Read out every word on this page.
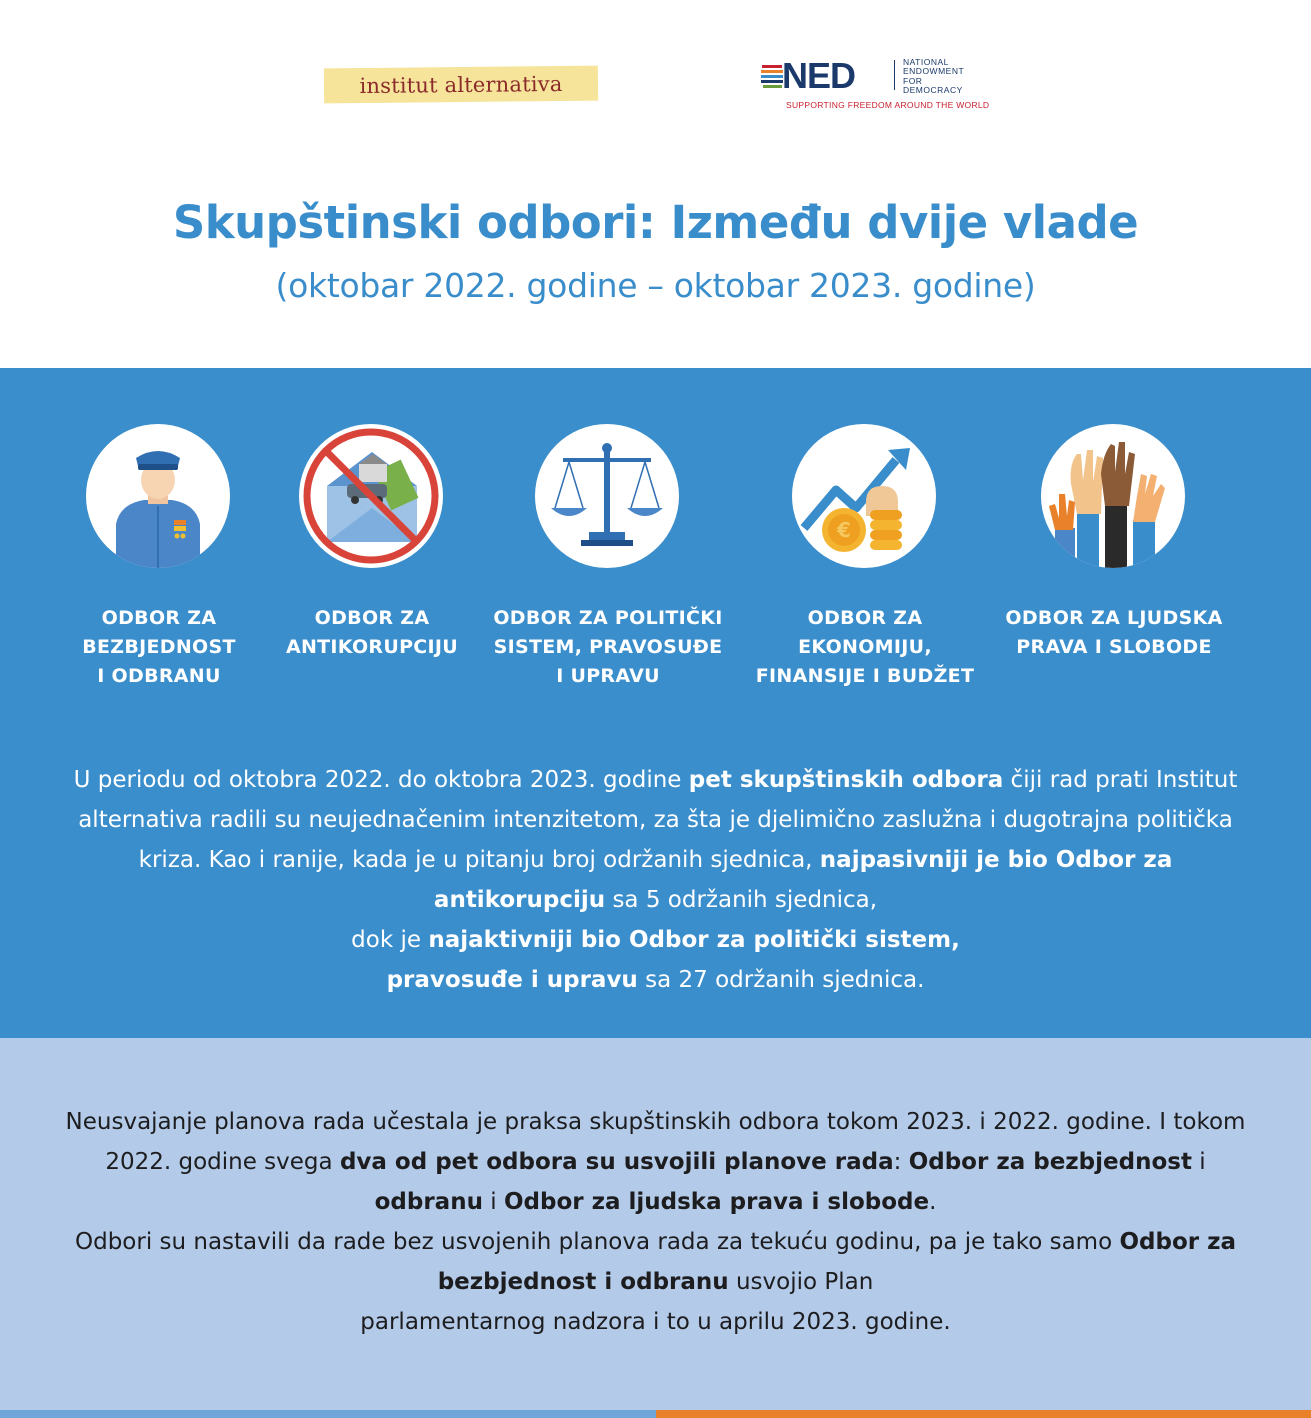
institut alternativa	NED	NATIONAL
ENDOWMENT
FOR
DEMOCRACY
SUPPORTING FREEDOM AROUND THE WORLD
Skupštinski odbori: Između dvije vlade
(oktobar 2022. godine – oktobar 2023. godine)
ODBOR ZA
BEZBJEDNOST
I ODBRANU
ODBOR ZA
ANTIKORUPCIJU
ODBOR ZA POLITIČKI
SISTEM, PRAVOSUĐE
I UPRAVU
€
ODBOR ZA EKONOMIJU,
FINANSIJE I BUDŽET
ODBOR ZA LJUDSKA
PRAVA I SLOBODE
U periodu od oktobra 2022. do oktobra 2023. godine pet skupštinskih odbora čiji rad prati Institut alternativa radili su neujednačenim intenzitetom, za šta je djelimično zaslužna i dugotrajna politička kriza. Kao i ranije, kada je u pitanju broj održanih sjednica, najpasivniji je bio Odbor za antikorupciju sa 5 održanih sjednica,
dok je najaktivniji bio Odbor za politički sistem,
pravosuđe i upravu sa 27 održanih sjednica.
Neusvajanje planova rada učestala je praksa skupštinskih odbora tokom 2023. i 2022. godine. I tokom 2022. godine svega dva od pet odbora su usvojili planove rada: Odbor za bezbjednost i odbranu i Odbor za ljudska prava i slobode.
Odbori su nastavili da rade bez usvojenih planova rada za tekuću godinu, pa je tako samo Odbor za bezbjednost i odbranu usvojio Plan
parlamentarnog nadzora i to u aprilu 2023. godine.
